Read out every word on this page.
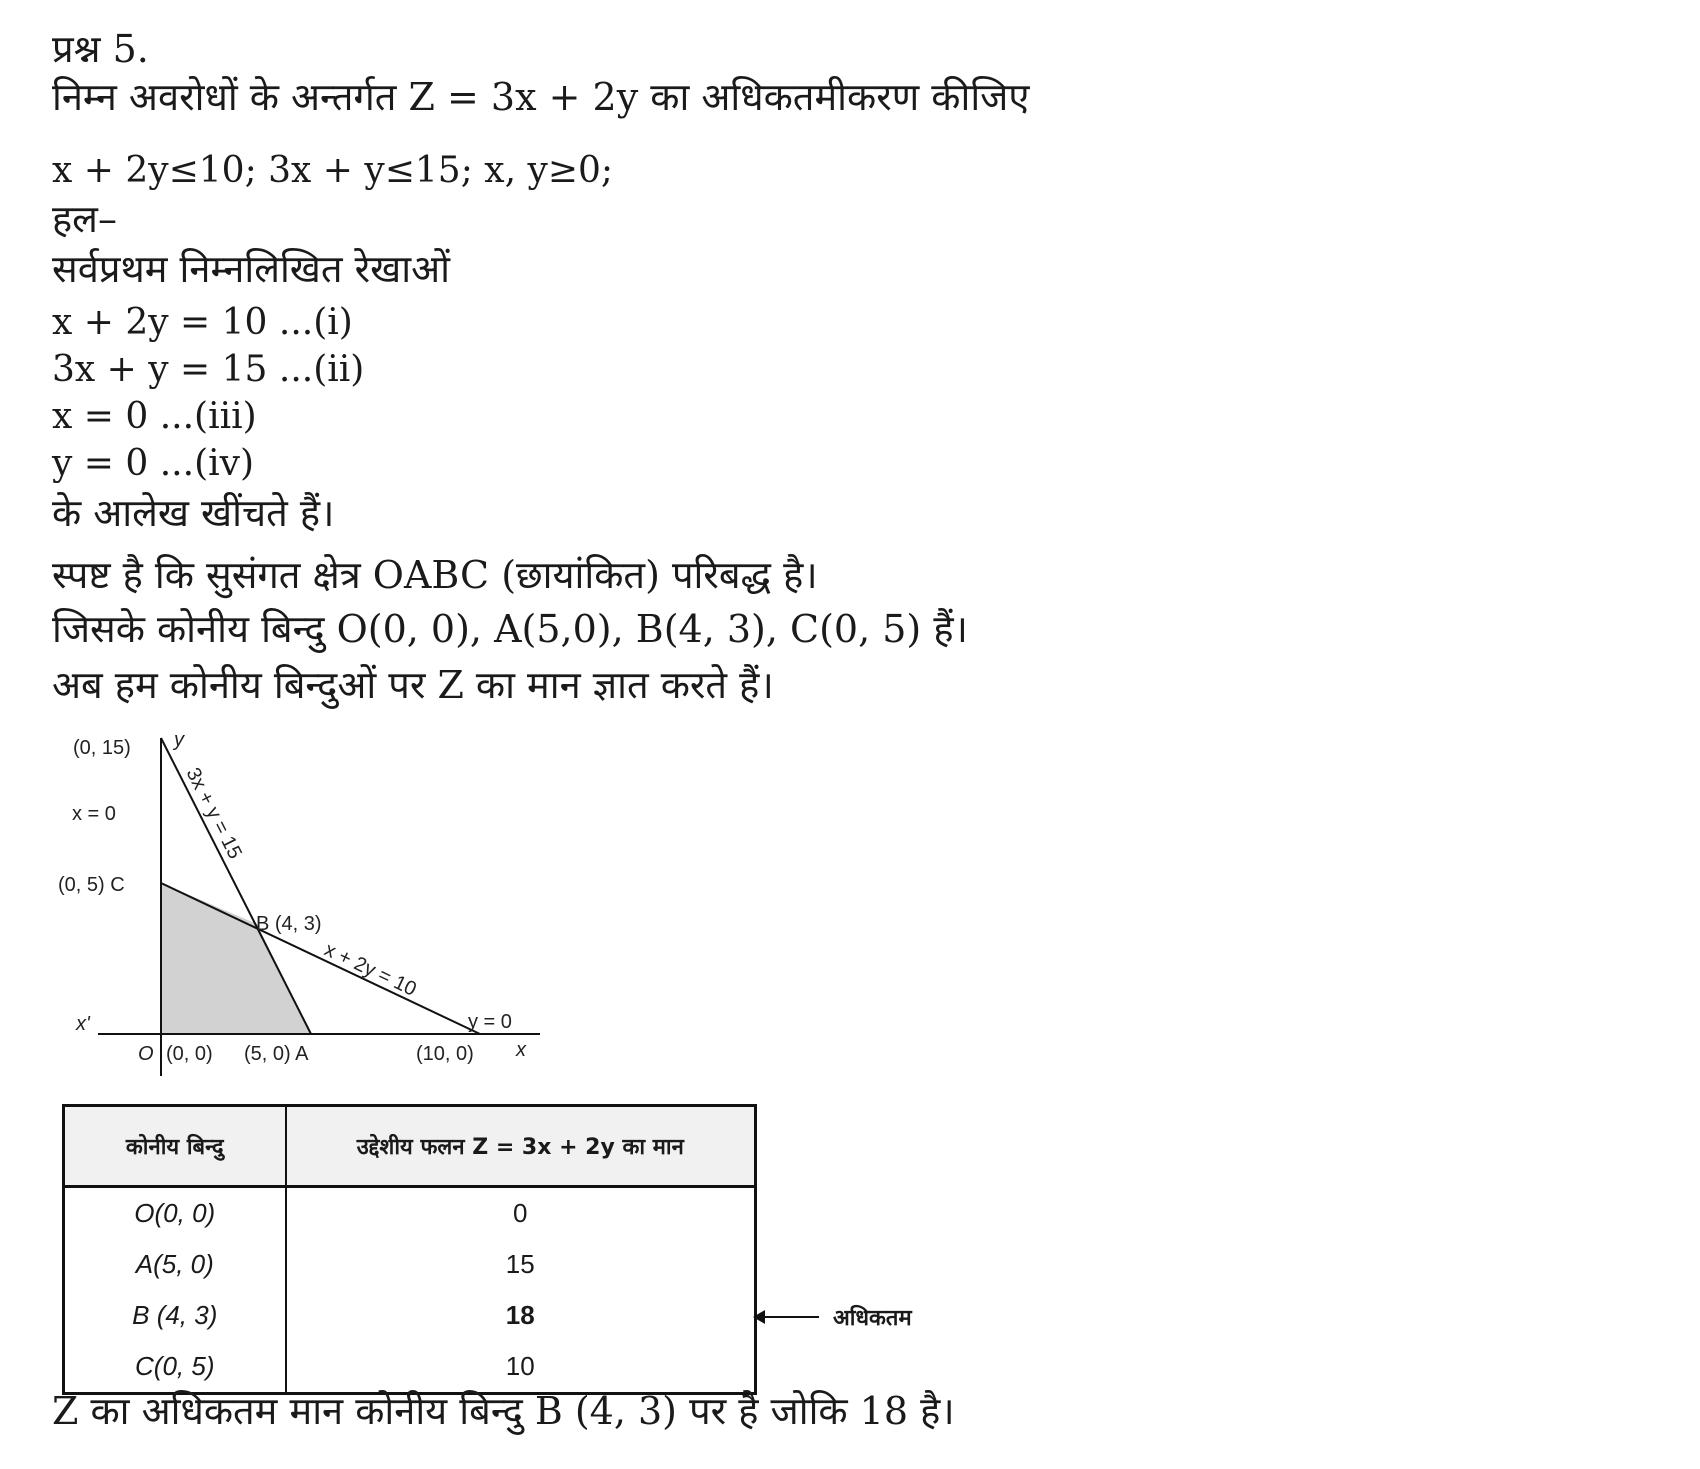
प्रश्न 5.
निम्न अवरोधों के अन्तर्गत Z = 3x + 2y का अधिकतमीकरण कीजिए
x + 2y≤10; 3x + y≤15; x, y≥0;
हल–
सर्वप्रथम निम्नलिखित रेखाओं
x + 2y = 10 ...(i)
3x + y = 15 ...(ii)
x = 0 ...(iii)
y = 0 ...(iv)
के आलेख खींचते हैं।
स्पष्ट है कि सुसंगत क्षेत्र OABC (छायांकित) परिबद्ध है।
जिसके कोनीय बिन्दु O(0, 0), A(5,0), B(4, 3), C(0, 5) हैं।
अब हम कोनीय बिन्दुओं पर Z का मान ज्ञात करते हैं।
y
(0, 15)
x = 0
(0, 5) C
B (4, 3)
3x + y = 15
x + 2y = 10
y = 0
x
x'
O (0, 0) (5, 0) A	(10, 0)
कोनीय बिन्दु	उद्देशीय फलन Z = 3x + 2y का मान
O(0, 0)	0
A(5, 0)	15
B (4, 3)	18
C(0, 5)	10
अधिकतम
Z का अधिकतम मान कोनीय बिन्दु B (4, 3) पर है जोकि 18 है।
